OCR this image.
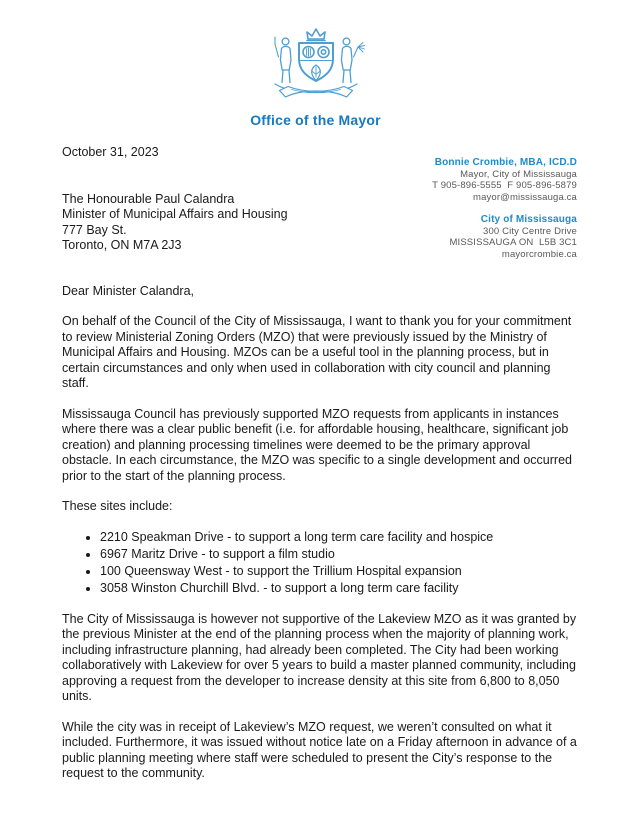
Office of the Mayor
Bonnie Crombie, MBA, ICD.D
Mayor, City of Mississauga
T 905-896-5555  F 905-896-5879
mayor@mississauga.ca
City of Mississauga
300 City Centre Drive
MISSISSAUGA ON  L5B 3C1
mayorcrombie.ca
October 31, 2023
The Honourable Paul Calandra
Minister of Municipal Affairs and Housing
777 Bay St.
Toronto, ON M7A 2J3
Dear Minister Calandra,

On behalf of the Council of the City of Mississauga, I want to thank you for your commitment to review Ministerial Zoning Orders (MZO) that were previously issued by the Ministry of Municipal Affairs and Housing. MZOs can be a useful tool in the planning process, but in certain circumstances and only when used in collaboration with city council and planning staff.

Mississauga Council has previously supported MZO requests from applicants in instances where there was a clear public benefit (i.e. for affordable housing, healthcare, significant job creation) and planning processing timelines were deemed to be the primary approval obstacle. In each circumstance, the MZO was specific to a single development and occurred prior to the start of the planning process.

These sites include:

• 2210 Speakman Drive - to support a long term care facility and hospice
• 6967 Maritz Drive - to support a film studio
• 100 Queensway West - to support the Trillium Hospital expansion
• 3058 Winston Churchill Blvd. - to support a long term care facility

The City of Mississauga is however not supportive of the Lakeview MZO as it was granted by the previous Minister at the end of the planning process when the majority of planning work, including infrastructure planning, had already been completed. The City had been working collaboratively with Lakeview for over 5 years to build a master planned community, including approving a request from the developer to increase density at this site from 6,800 to 8,050 units.

While the city was in receipt of Lakeview’s MZO request, we weren’t consulted on what it included. Furthermore, it was issued without notice late on a Friday afternoon in advance of a public planning meeting where staff were scheduled to present the City’s response to the request to the community.
